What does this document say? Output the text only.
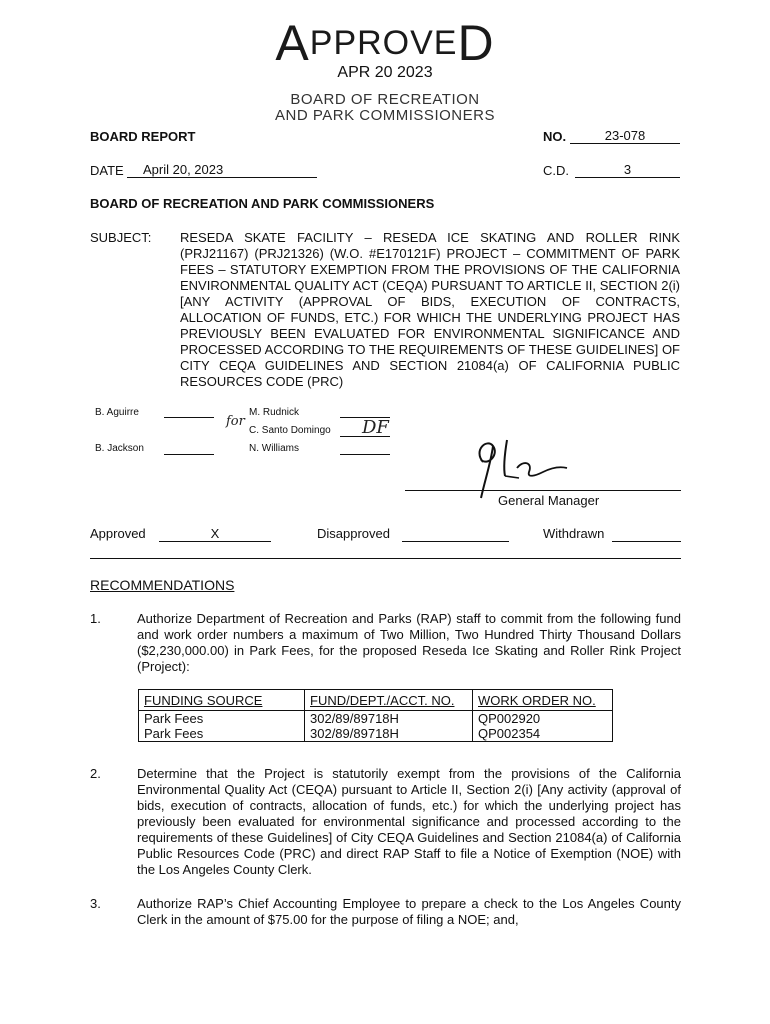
APPROVED
APR 20 2023
BOARD OF RECREATION
AND PARK COMMISSIONERS
BOARD REPORT	NO.	23-078
DATE	April 20, 2023	C.D.	3
BOARD OF RECREATION AND PARK COMMISSIONERS
SUBJECT: RESEDA SKATE FACILITY – RESEDA ICE SKATING AND ROLLER RINK (PRJ21167) (PRJ21326) (W.O. #E170121F) PROJECT – COMMITMENT OF PARK FEES – STATUTORY EXEMPTION FROM THE PROVISIONS OF THE CALIFORNIA ENVIRONMENTAL QUALITY ACT (CEQA) PURSUANT TO ARTICLE II, SECTION 2(i) [ANY ACTIVITY (APPROVAL OF BIDS, EXECUTION OF CONTRACTS, ALLOCATION OF FUNDS, ETC.) FOR WHICH THE UNDERLYING PROJECT HAS PREVIOUSLY BEEN EVALUATED FOR ENVIRONMENTAL SIGNIFICANCE AND PROCESSED ACCORDING TO THE REQUIREMENTS OF THESE GUIDELINES] OF CITY CEQA GUIDELINES AND SECTION 21084(a) OF CALIFORNIA PUBLIC RESOURCES CODE (PRC)
B. Aguirre
B. Jackson
M. Rudnick
for
C. Santo Domingo DF
N. Williams
General Manager
Approved	X	Disapproved	Withdrawn
RECOMMENDATIONS
1.	Authorize Department of Recreation and Parks (RAP) staff to commit from the following fund and work order numbers a maximum of Two Million, Two Hundred Thirty Thousand Dollars ($2,230,000.00) in Park Fees, for the proposed Reseda Ice Skating and Roller Rink Project (Project):
FUNDING SOURCE	FUND/DEPT./ACCT. NO.	WORK ORDER NO.
Park Fees	302/89/89718H	QP002920
Park Fees	302/89/89718H	QP002354
2.	Determine that the Project is statutorily exempt from the provisions of the California Environmental Quality Act (CEQA) pursuant to Article II, Section 2(i) [Any activity (approval of bids, execution of contracts, allocation of funds, etc.) for which the underlying project has previously been evaluated for environmental significance and processed according to the requirements of these Guidelines] of City CEQA Guidelines and Section 21084(a) of California Public Resources Code (PRC) and direct RAP Staff to file a Notice of Exemption (NOE) with the Los Angeles County Clerk.
3.	Authorize RAP’s Chief Accounting Employee to prepare a check to the Los Angeles County Clerk in the amount of $75.00 for the purpose of filing a NOE; and,
